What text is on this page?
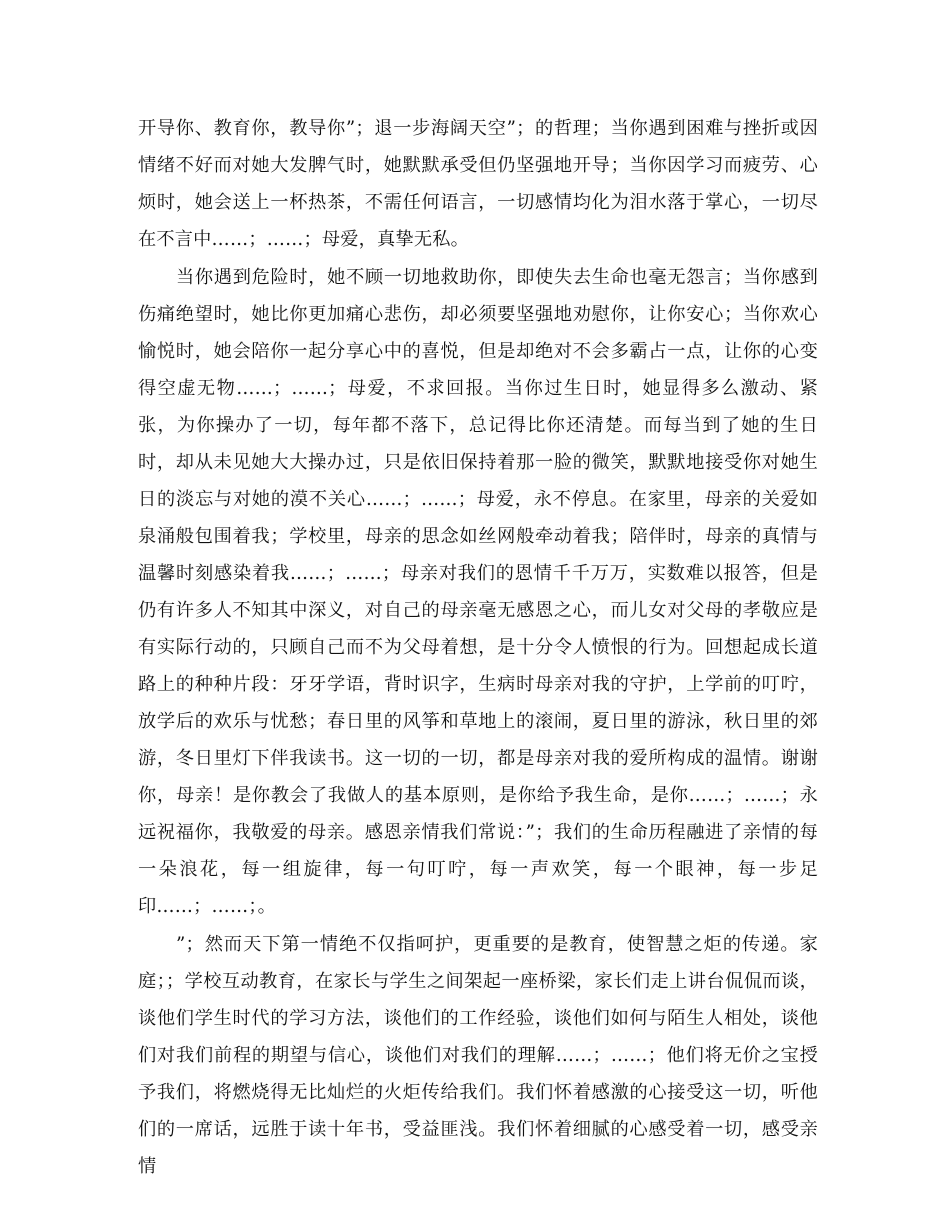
开导你、教育你，教导你”；退一步海阔天空”；的哲理；当你遇到困难与挫折或因情绪不好而对她大发脾气时，她默默承受但仍坚强地开导；当你因学习而疲劳、心烦时，她会送上一杯热茶，不需任何语言，一切感情均化为泪水落于掌心，一切尽在不言中……；……；母爱，真挚无私。

当你遇到危险时，她不顾一切地救助你，即使失去生命也毫无怨言；当你感到伤痛绝望时，她比你更加痛心悲伤，却必须要坚强地劝慰你，让你安心；当你欢心愉悦时，她会陪你一起分享心中的喜悦，但是却绝对不会多霸占一点，让你的心变得空虚无物……；……；母爱，不求回报。当你过生日时，她显得多么激动、紧张，为你操办了一切，每年都不落下，总记得比你还清楚。而每当到了她的生日时，却从未见她大大操办过，只是依旧保持着那一脸的微笑，默默地接受你对她生日的淡忘与对她的漠不关心……；……；母爱，永不停息。在家里，母亲的关爱如泉涌般包围着我；学校里，母亲的思念如丝网般牵动着我；陪伴时，母亲的真情与温馨时刻感染着我……；……；母亲对我们的恩情千千万万，实数难以报答，但是仍有许多人不知其中深义，对自己的母亲毫无感恩之心，而儿女对父母的孝敬应是有实际行动的，只顾自己而不为父母着想，是十分令人愤恨的行为。回想起成长道路上的种种片段：牙牙学语，背时识字，生病时母亲对我的守护，上学前的叮咛，放学后的欢乐与忧愁；春日里的风筝和草地上的滚闹，夏日里的游泳，秋日里的郊游，冬日里灯下伴我读书。这一切的一切，都是母亲对我的爱所构成的温情。谢谢你，母亲！是你教会了我做人的基本原则，是你给予我生命，是你……；……；永远祝福你，我敬爱的母亲。感恩亲情我们常说：”；我们的生命历程融进了亲情的每一朵浪花，每一组旋律，每一句叮咛，每一声欢笑，每一个眼神，每一步足印……；……；。

”；然而天下第一情绝不仅指呵护，更重要的是教育，使智慧之炬的传递。家庭；；学校互动教育，在家长与学生之间架起一座桥梁，家长们走上讲台侃侃而谈，谈他们学生时代的学习方法，谈他们的工作经验，谈他们如何与陌生人相处，谈他们对我们前程的期望与信心，谈他们对我们的理解……；……；他们将无价之宝授予我们，将燃烧得无比灿烂的火炬传给我们。我们怀着感激的心接受这一切，听他们的一席话，远胜于读十年书，受益匪浅。我们怀着细腻的心感受着一切，感受亲情
